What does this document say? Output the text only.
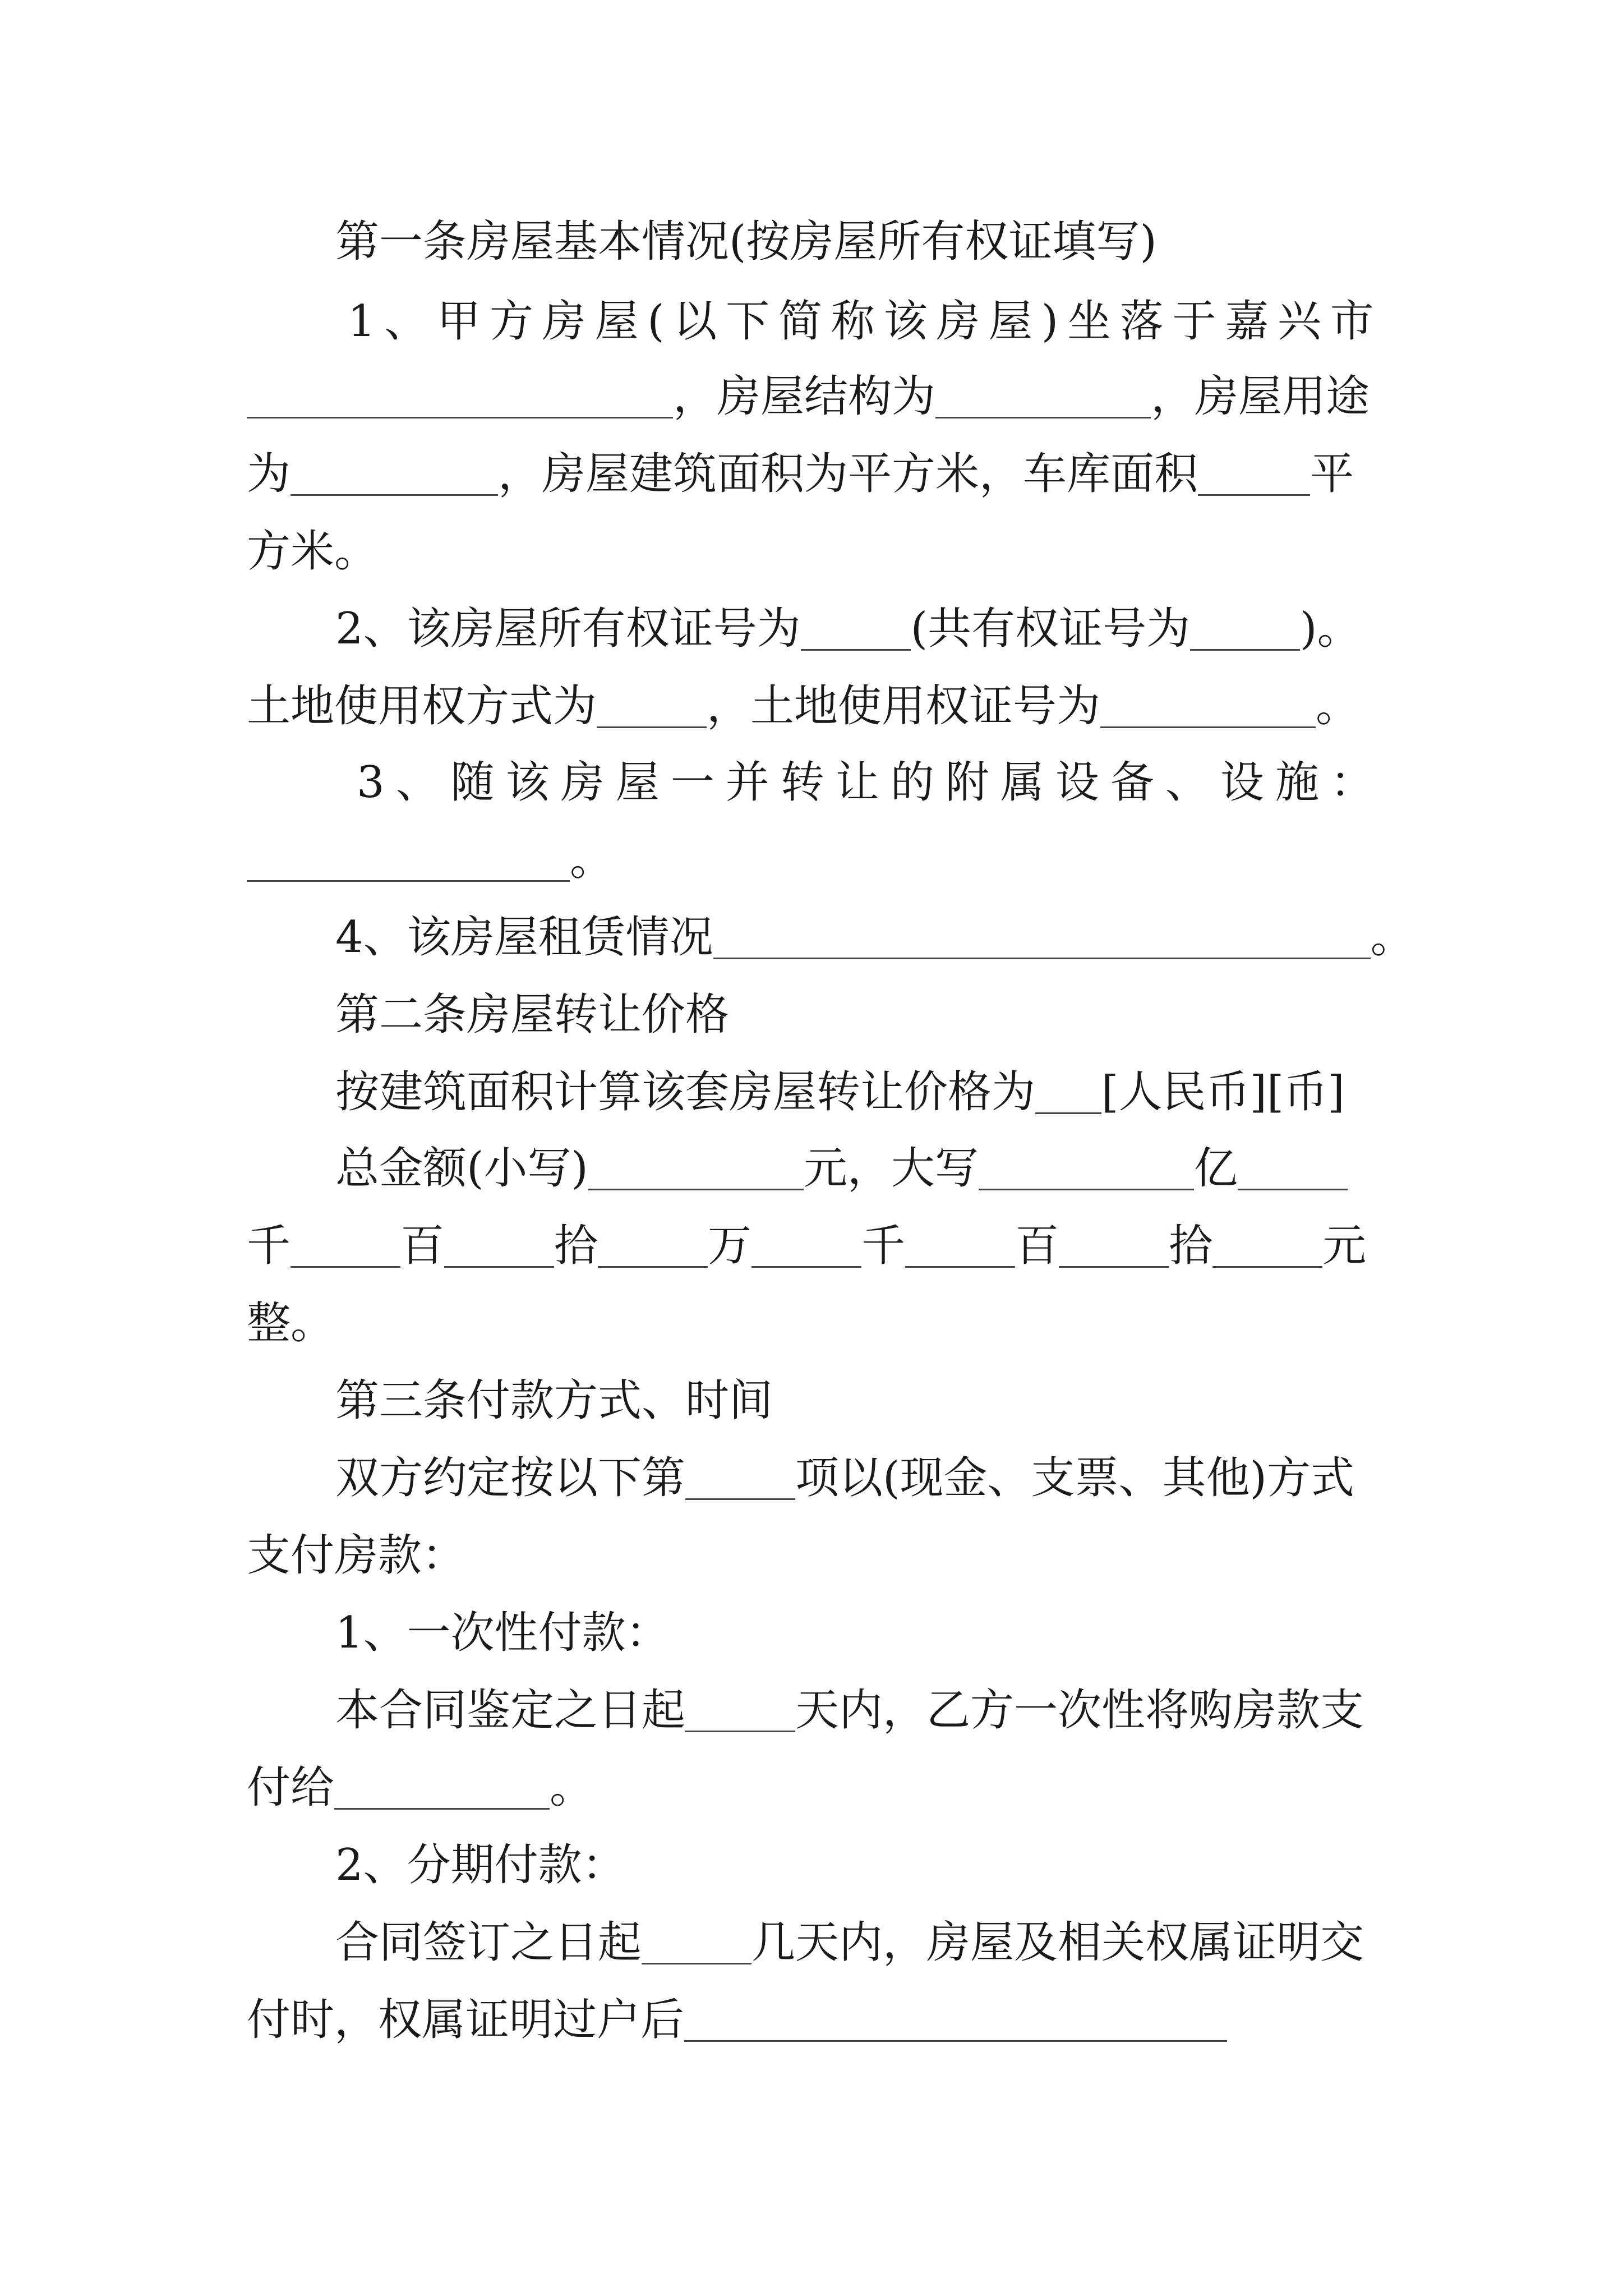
第一条房屋基本情况(按房屋所有权证填写)

1 、 甲 方 房 屋 ( 以 下 简 称 该 房 屋 ) 坐 落 于 嘉 兴 市

，房屋结构为	，房屋用途

为	，房屋建筑面积为平方米，车库面积	平

方米。

2、该房屋所有权证号为	(共有权证号为	)。

土地使用权方式为	，土地使用权证号为	。

3 、 随 该 房 屋 一 并 转 让 的 附 属 设 备 、 设 施 ：

。

4、该房屋租赁情况	。

第二条房屋转让价格

按建筑面积计算该套房屋转让价格为 [人民币][币]

总金额(小写)	元，大写	亿

千	百	拾	万	千	百	拾	元

整。

第三条付款方式、时间

双方约定按以下第	项以(现金、支票、其他)方式

支付房款：

1、一次性付款：

本合同鉴定之日起	天内，乙方一次性将购房款支

付给	。

2、分期付款：

合同签订之日起	几天内，房屋及相关权属证明交

付时，权属证明过户后
